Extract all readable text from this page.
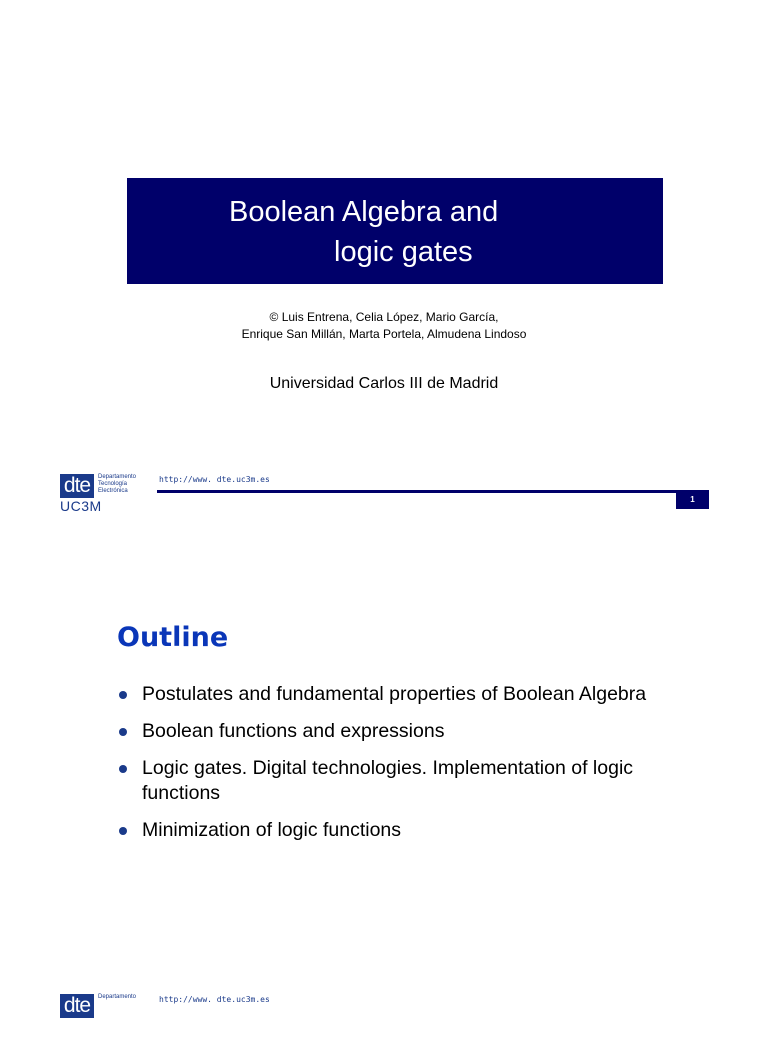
Boolean Algebra and
logic gates
© Luis Entrena, Celia López, Mario García,
Enrique San Millán, Marta Portela, Almudena Lindoso
Universidad Carlos III de Madrid
dte	Departamento
Tecnología
Electrónica
UC3M
http://www. dte.uc3m.es
1
Outline
Postulates and fundamental properties of Boolean Algebra
Boolean functions and expressions
Logic gates. Digital technologies. Implementation of logic functions
Minimization of logic functions
dte	Departamento	http://www. dte.uc3m.es
